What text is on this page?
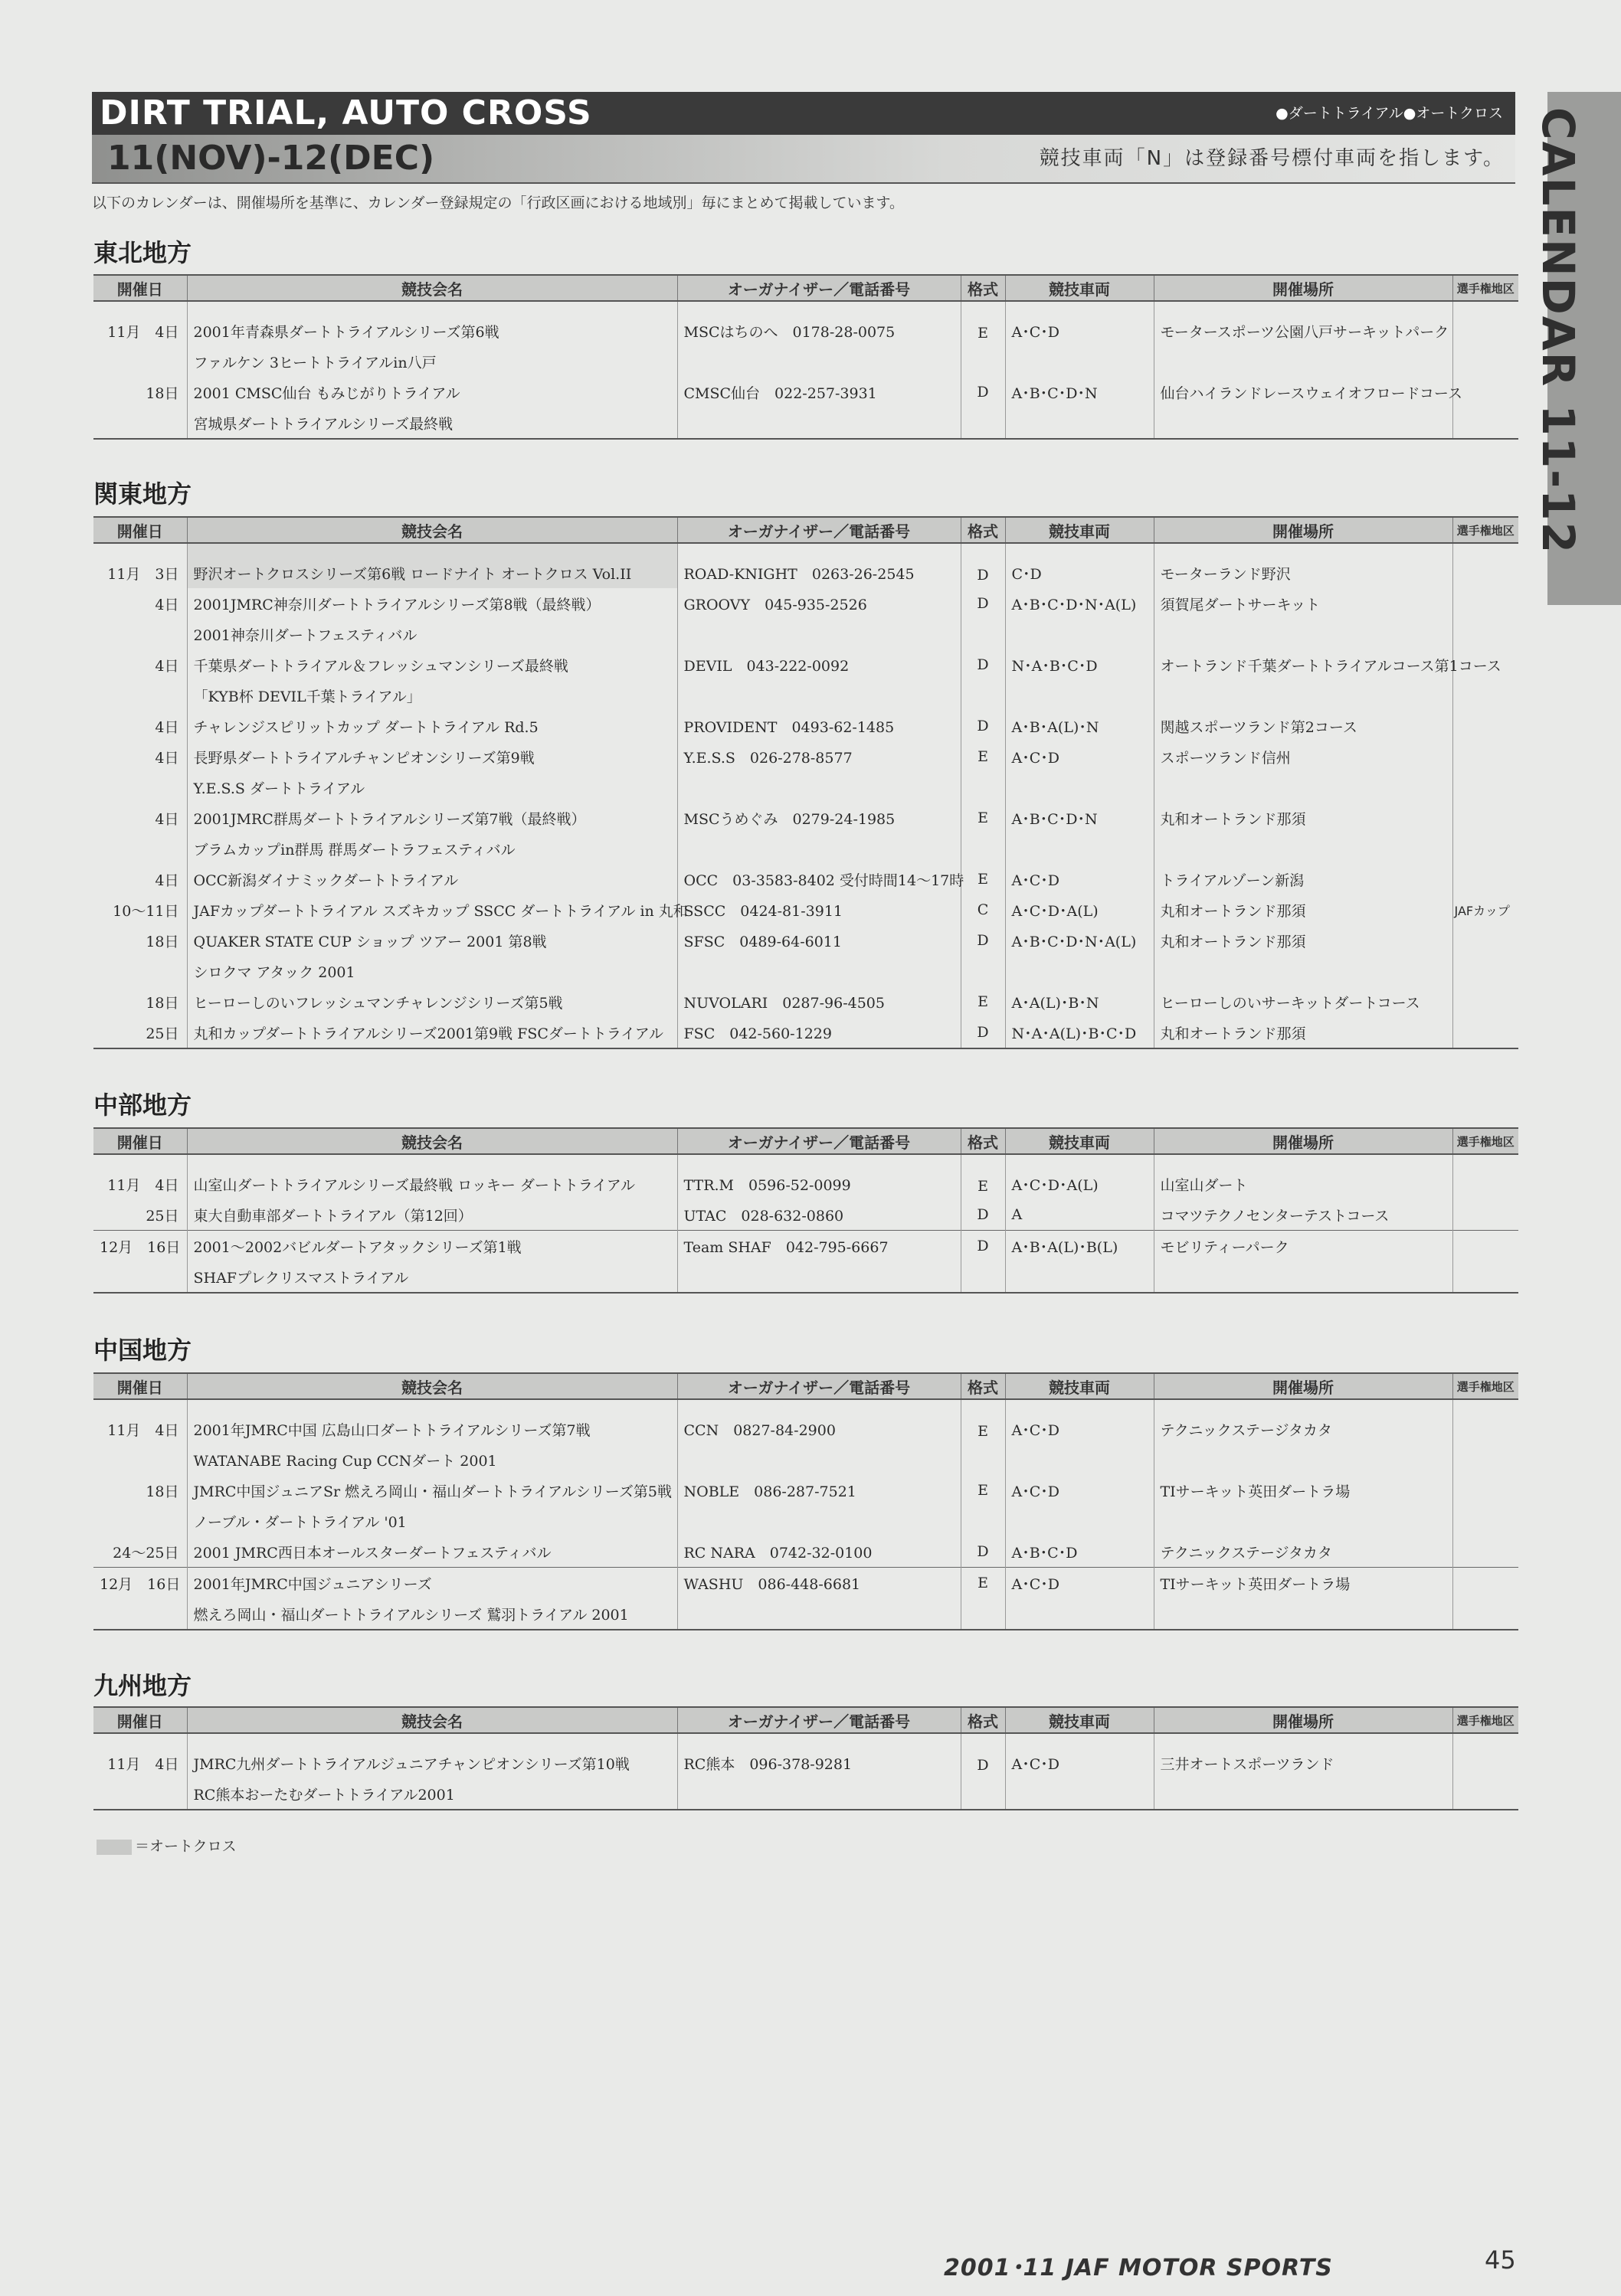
DIRT TRIAL, AUTO CROSS	●ダートトライアル●オートクロス
11(NOV)-12(DEC)	競技車両「N」は登録番号標付車両を指します。 CALENDAR 11-12
以下のカレンダーは、開催場所を基準に、カレンダー登録規定の「行政区画における地域別」毎にまとめて掲載しています。
東北地方
開催日	競技会名	オーガナイザー／電話番号	格式	競技車両	開催場所	選手権地区
11月　4日	2001年青森県ダートトライアルシリーズ第6戦	MSCはちのへ　0178-28-0075	E	A･C･D	モータースポーツ公園八戸サーキットパーク	
	ファルケン 3ヒートトライアルin八戸					
18日	2001 CMSC仙台 もみじがりトライアル	CMSC仙台　022-257-3931	D	A･B･C･D･N	仙台ハイランドレースウェイオフロードコース	
	宮城県ダートトライアルシリーズ最終戦					
関東地方
開催日	競技会名	オーガナイザー／電話番号	格式	競技車両	開催場所	選手権地区
11月　3日	野沢オートクロスシリーズ第6戦 ロードナイト オートクロス Vol.II	ROAD-KNIGHT　0263-26-2545	D	C･D	モーターランド野沢	
4日	2001JMRC神奈川ダートトライアルシリーズ第8戦（最終戦）	GROOVY　045-935-2526	D	A･B･C･D･N･A(L)	須賀尾ダートサーキット	
	2001神奈川ダートフェスティバル					
4日	千葉県ダートトライアル＆フレッシュマンシリーズ最終戦	DEVIL　043-222-0092	D	N･A･B･C･D	オートランド千葉ダートトライアルコース第1コース	
	「KYB杯 DEVIL千葉トライアル」					
4日	チャレンジスピリットカップ ダートトライアル Rd.5	PROVIDENT　0493-62-1485	D	A･B･A(L)･N	関越スポーツランド第2コース	
4日	長野県ダートトライアルチャンピオンシリーズ第9戦	Y.E.S.S　026-278-8577	E	A･C･D	スポーツランド信州	
	Y.E.S.S ダートトライアル					
4日	2001JMRC群馬ダートトライアルシリーズ第7戦（最終戦）	MSCうめぐみ　0279-24-1985	E	A･B･C･D･N	丸和オートランド那須	
	ブラムカップin群馬 群馬ダートラフェスティバル					
4日	OCC新潟ダイナミックダートトライアル	OCC　03-3583-8402 受付時間14～17時	E	A･C･D	トライアルゾーン新潟	
10～11日	JAFカップダートトライアル スズキカップ SSCC ダートトライアル in 丸和	SSCC　0424-81-3911	C	A･C･D･A(L)	丸和オートランド那須	JAFカップ
18日	QUAKER STATE CUP ショップ ツアー 2001 第8戦	SFSC　0489-64-6011	D	A･B･C･D･N･A(L)	丸和オートランド那須	
	シロクマ アタック 2001					
18日	ヒーローしのいフレッシュマンチャレンジシリーズ第5戦	NUVOLARI　0287-96-4505	E	A･A(L)･B･N	ヒーローしのいサーキットダートコース	
25日	丸和カップダートトライアルシリーズ2001第9戦 FSCダートトライアル	FSC　042-560-1229	D	N･A･A(L)･B･C･D	丸和オートランド那須	
中部地方
開催日	競技会名	オーガナイザー／電話番号	格式	競技車両	開催場所	選手権地区
11月　4日	山室山ダートトライアルシリーズ最終戦 ロッキー ダートトライアル	TTR.M　0596-52-0099	E	A･C･D･A(L)	山室山ダート	
25日	東大自動車部ダートトライアル（第12回）	UTAC　028-632-0860	D	A	コマツテクノセンターテストコース	
12月　16日	2001～2002バビルダートアタックシリーズ第1戦	Team SHAF　042-795-6667	D	A･B･A(L)･B(L)	モビリティーパーク	
	SHAFプレクリスマストライアル					
中国地方
開催日	競技会名	オーガナイザー／電話番号	格式	競技車両	開催場所	選手権地区
11月　4日	2001年JMRC中国 広島山口ダートトライアルシリーズ第7戦	CCN　0827-84-2900	E	A･C･D	テクニックステージタカタ	
	WATANABE Racing Cup CCNダート 2001					
18日	JMRC中国ジュニアSr 燃えろ岡山・福山ダートトライアルシリーズ第5戦	NOBLE　086-287-7521	E	A･C･D	TIサーキット英田ダートラ場	
	ノーブル・ダートトライアル '01					
24～25日	2001 JMRC西日本オールスターダートフェスティバル	RC NARA　0742-32-0100	D	A･B･C･D	テクニックステージタカタ	
12月　16日	2001年JMRC中国ジュニアシリーズ	WASHU　086-448-6681	E	A･C･D	TIサーキット英田ダートラ場	
	燃えろ岡山・福山ダートトライアルシリーズ 鷲羽トライアル 2001					
九州地方
開催日	競技会名	オーガナイザー／電話番号	格式	競技車両	開催場所	選手権地区
11月　4日	JMRC九州ダートトライアルジュニアチャンピオンシリーズ第10戦	RC熊本　096-378-9281	D	A･C･D	三井オートスポーツランド	
	RC熊本おーたむダートトライアル2001					
＝オートクロス
2001･11 JAF MOTOR SPORTS	45
